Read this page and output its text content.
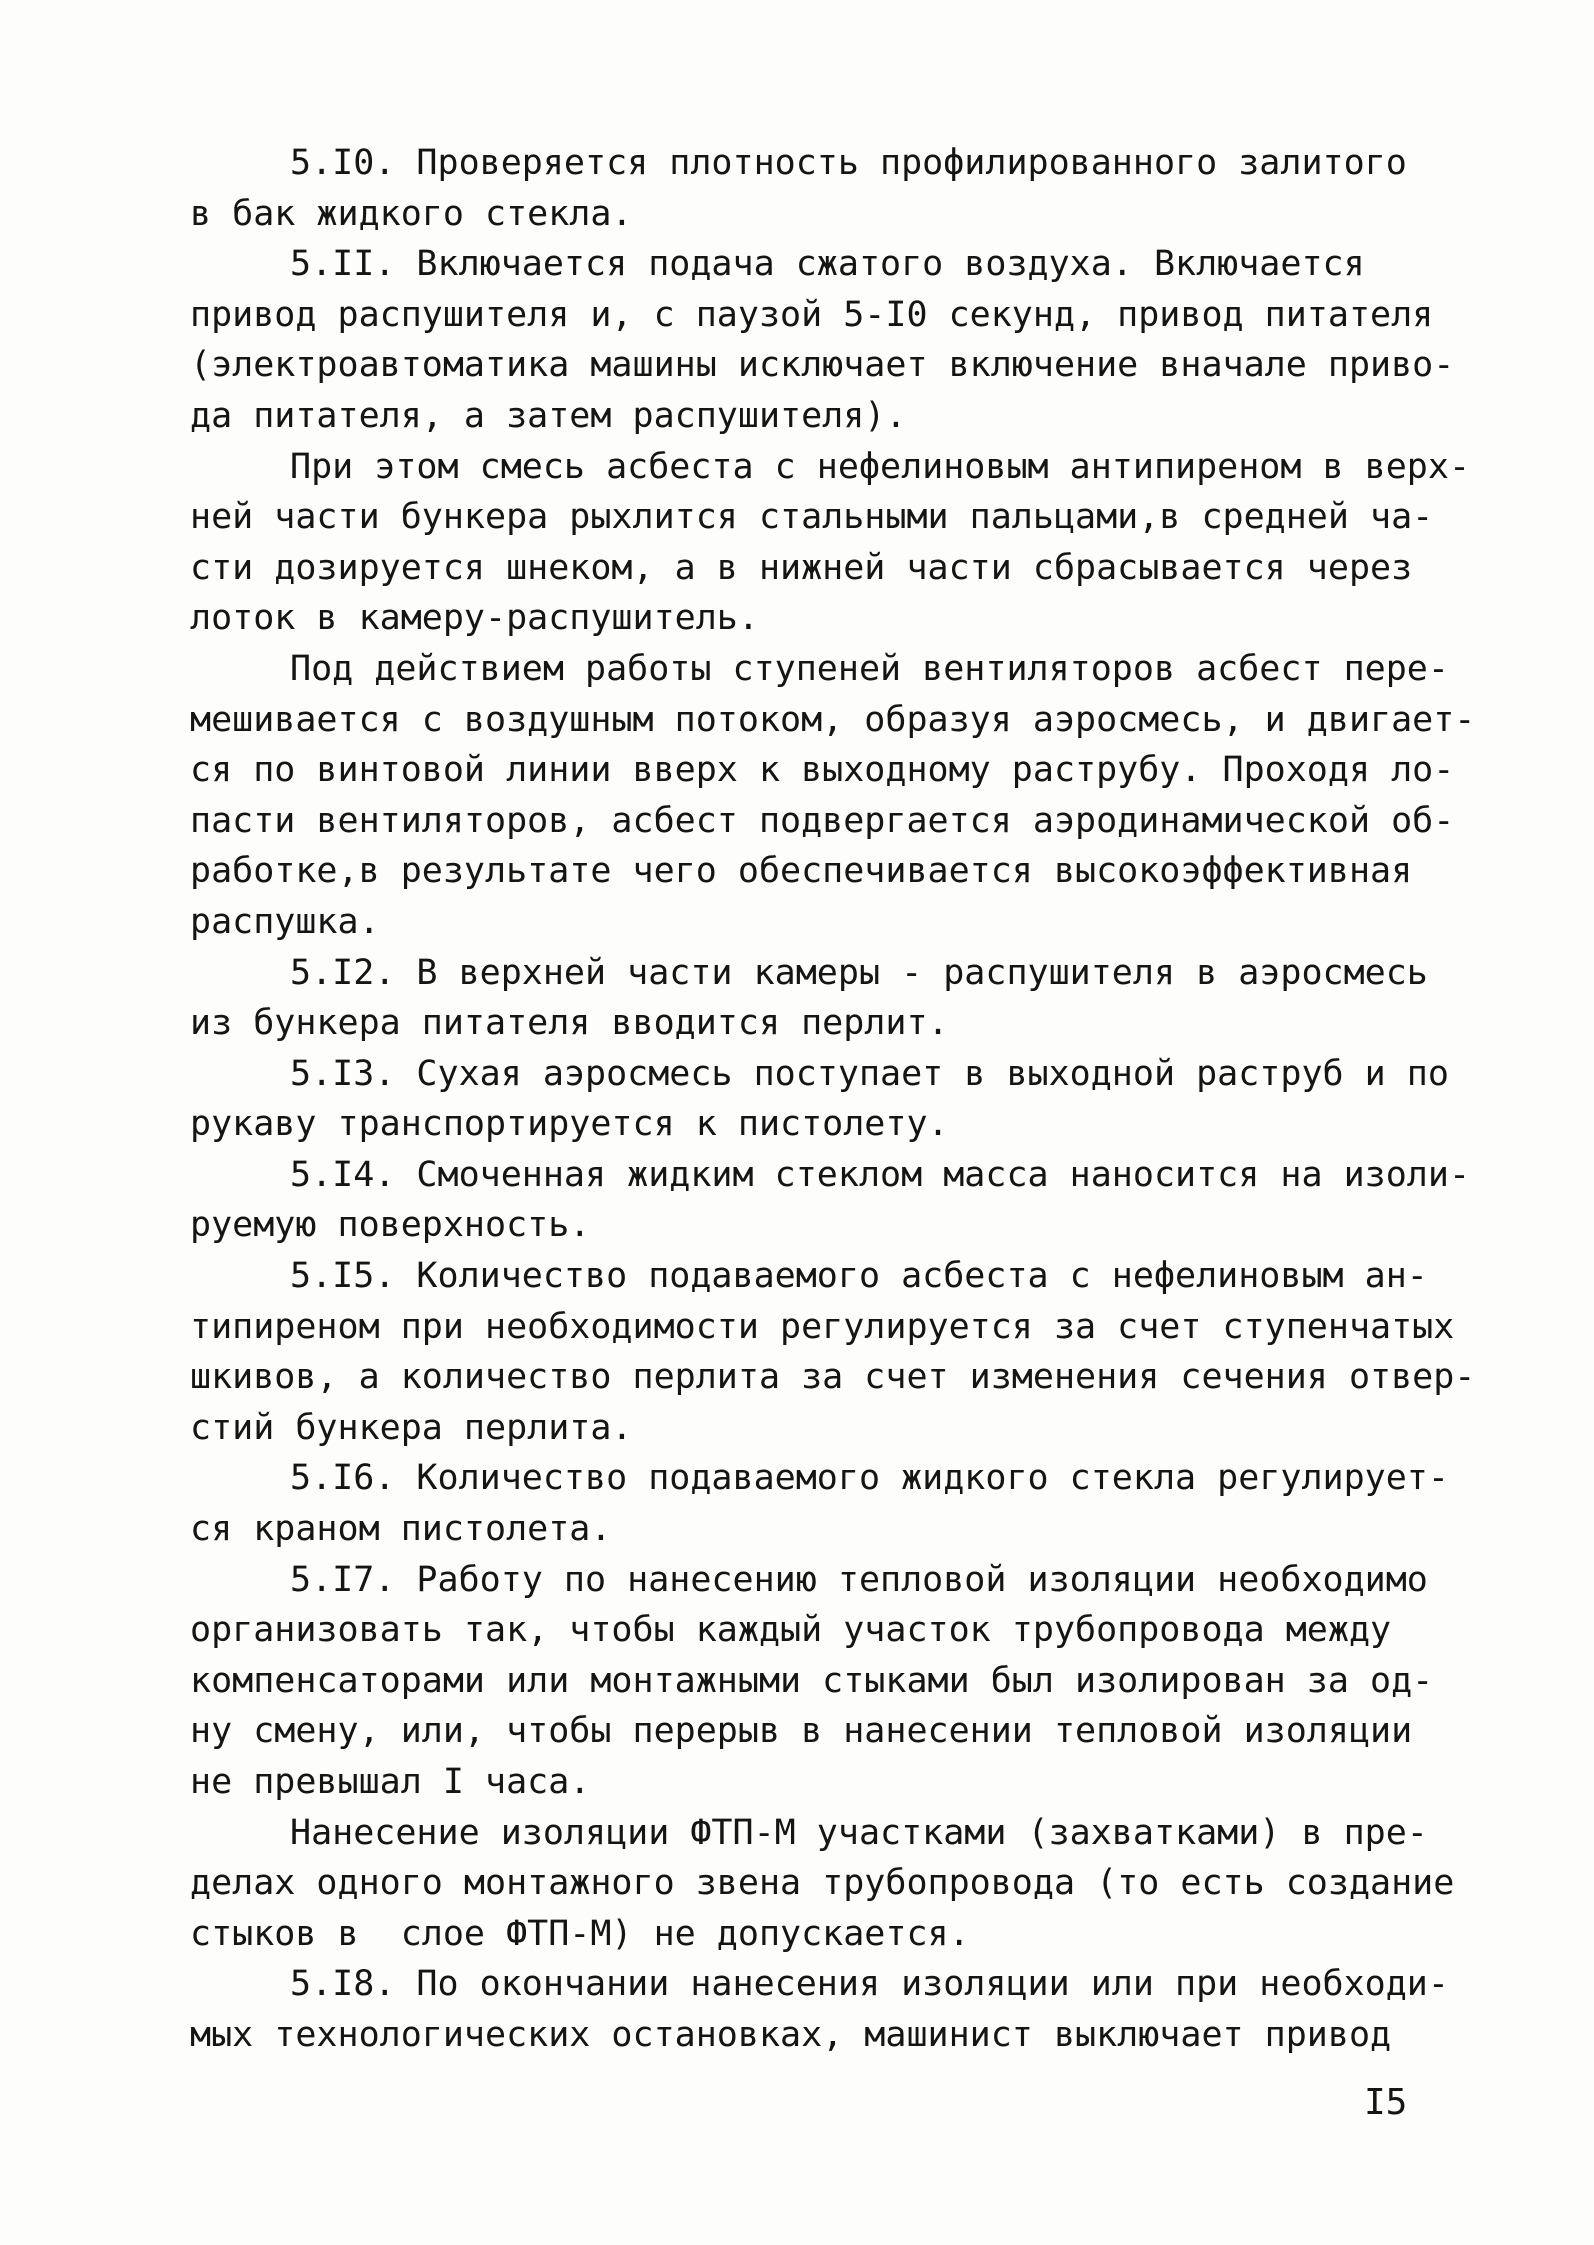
5.I0. Проверяется плотность профилированного залитого
в бак жидкого стекла.
5.II. Включается подача сжатого воздуха. Включается
привод распушителя и, с паузой 5-I0 секунд, привод питателя
(электроавтоматика машины исключает включение вначале приво-
да питателя, а затем распушителя).
При этом смесь асбеста с нефелиновым антипиреном в верх-
ней части бункера рыхлится стальными пальцами,в средней ча-
сти дозируется шнеком, а в нижней части сбрасывается через
лоток в камеру-распушитель.
Под действием работы ступеней вентиляторов асбест пере-
мешивается с воздушным потоком, образуя аэросмесь, и двигает-
ся по винтовой линии вверх к выходному раструбу. Проходя ло-
пасти вентиляторов, асбест подвергается аэродинамической об-
работке,в результате чего обеспечивается высокоэффективная
распушка.
5.I2. В верхней части камеры - распушителя в аэросмесь
из бункера питателя вводится перлит.
5.I3. Сухая аэросмесь поступает в выходной раструб и по
рукаву транспортируется к пистолету.
5.I4. Смоченная жидким стеклом масса наносится на изоли-
руемую поверхность.
5.I5. Количество подаваемого асбеста с нефелиновым ан-
типиреном при необходимости регулируется за счет ступенчатых
шкивов, а количество перлита за счет изменения сечения отвер-
стий бункера перлита.
5.I6. Количество подаваемого жидкого стекла регулирует-
ся краном пистолета.
5.I7. Работу по нанесению тепловой изоляции необходимо
организовать так, чтобы каждый участок трубопровода между
компенсаторами или монтажными стыками был изолирован за од-
ну смену, или, чтобы перерыв в нанесении тепловой изоляции
не превышал I часа.
Нанесение изоляции ФТП-М участками (захватками) в пре-
делах одного монтажного звена трубопровода (то есть создание
стыков в  слое ФТП-М) не допускается.
5.I8. По окончании нанесения изоляции или при необходи-
мых технологических остановках, машинист выключает привод
I5
